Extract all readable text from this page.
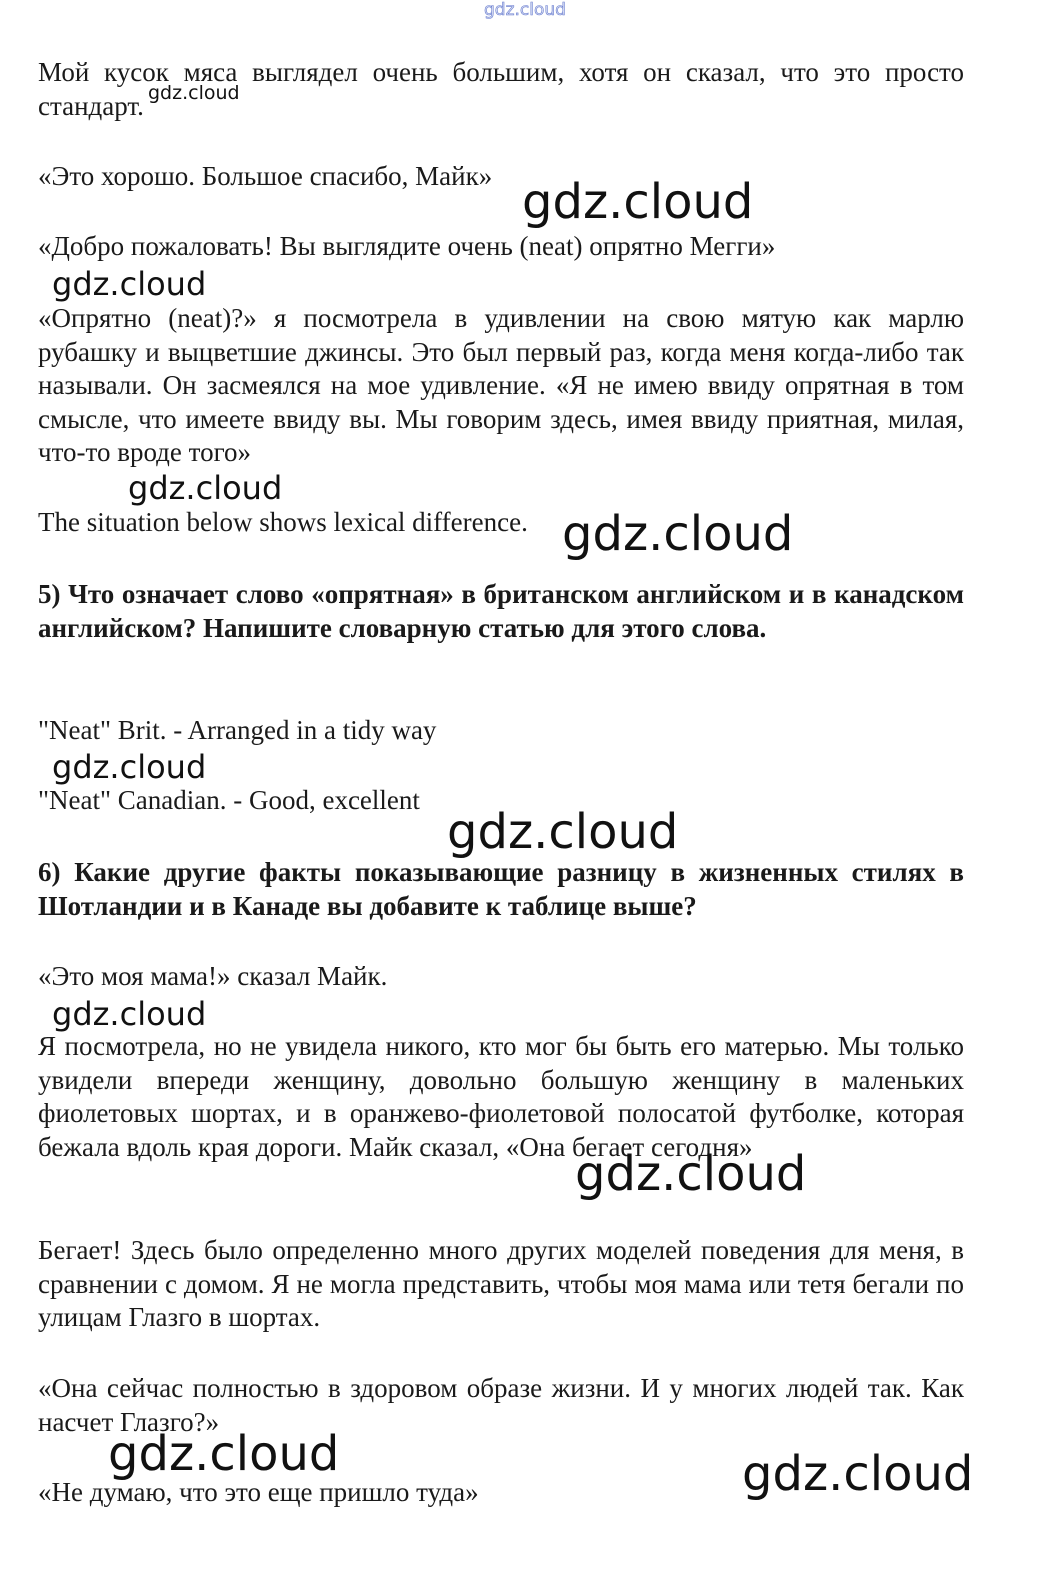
Мой кусок мяса выглядел очень большим, хотя он сказал, что это просто стандарт.
«Это хорошо. Большое спасибо, Майк»
«Добро пожаловать! Вы выглядите очень (neat) опрятно Мегги»
«Опрятно (neat)?» я посмотрела в удивлении на свою мятую как марлю рубашку и выцветшие джинсы. Это был первый раз, когда меня когда-либо так называли. Он засмеялся на мое удивление. «Я не имею ввиду опрятная в том смысле, что имеете ввиду вы. Мы говорим здесь, имея ввиду приятная, милая, что-то вроде того»
The situation below shows lexical difference.
5) Что означает слово «опрятная» в британском английском и в канадском английском? Напишите словарную статью для этого слова.
"Neat" Brit. - Arranged in a tidy way
"Neat" Canadian. - Good, excellent
6) Какие другие факты показывающие разницу в жизненных стилях в Шотландии и в Канаде вы добавите к таблице выше?
«Это моя мама!» сказал Майк.
Я посмотрела, но не увидела никого, кто мог бы быть его матерью. Мы только увидели впереди женщину, довольно большую женщину в маленьких фиолетовых шортах, и в оранжево-фиолетовой полосатой футболке, которая бежала вдоль края дороги. Майк сказал, «Она бегает сегодня»
Бегает! Здесь было определенно много других моделей поведения для меня, в сравнении с домом. Я не могла представить, чтобы моя мама или тетя бегали по улицам Глазго в шортах.
«Она сейчас полностью в здоровом образе жизни. И у многих людей так. Как насчет Глазго?»
«Не думаю, что это еще пришло туда»
gdz.cloud
gdz.cloud
gdz.cloud
gdz.cloud
gdz.cloud
gdz.cloud
gdz.cloud
gdz.cloud
gdz.cloud
gdz.cloud
gdz.cloud	gdz.cloud
